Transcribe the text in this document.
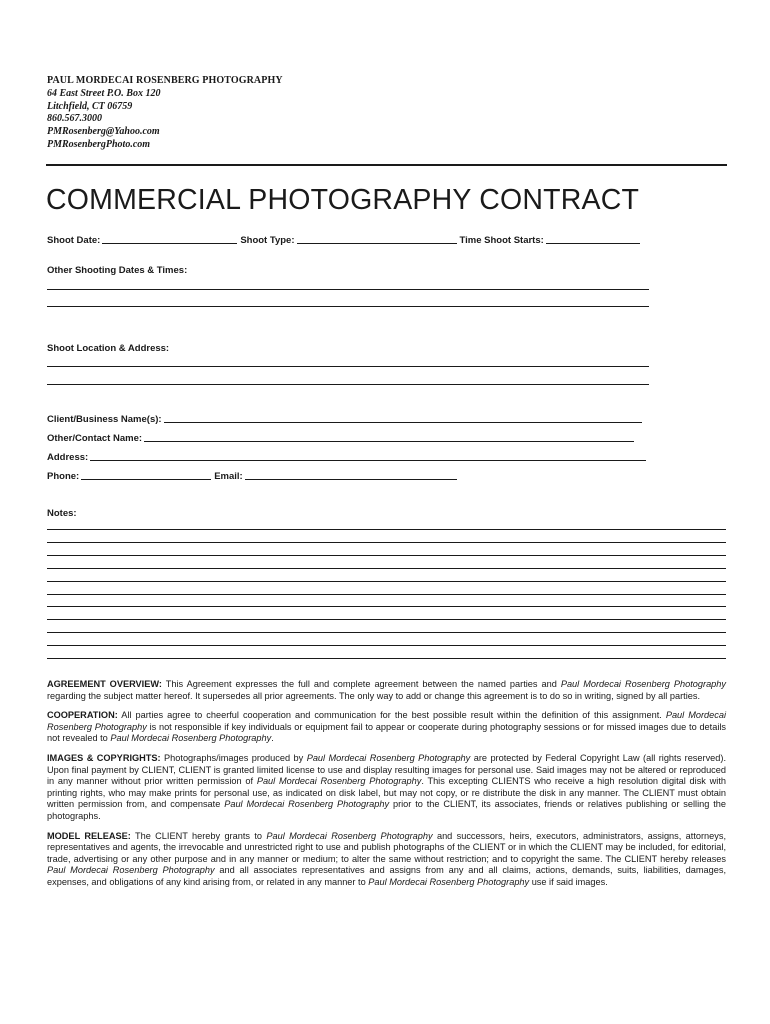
PAUL MORDECAI ROSENBERG PHOTOGRAPHY
64 East Street P.O. Box 120
Litchfield, CT 06759
860.567.3000
PMRosenberg@Yahoo.com
PMRosenbergPhoto.com
COMMERCIAL PHOTOGRAPHY CONTRACT
Shoot Date:	Shoot Type:	Time Shoot Starts:
Other Shooting Dates & Times:
Shoot Location & Address:
Client/Business Name(s):
Other/Contact Name:
Address:
Phone:	Email:
Notes:

AGREEMENT OVERVIEW: This Agreement expresses the full and complete agreement between the named parties and Paul Mordecai Rosenberg Photography regarding the subject matter hereof. It supersedes all prior agreements. The only way to add or change this agreement is to do so in writing, signed by all parties.

COOPERATION: All parties agree to cheerful cooperation and communication for the best possible result within the definition of this assignment. Paul Mordecai Rosenberg Photography is not responsible if key individuals or equipment fail to appear or cooperate during photography sessions or for missed images due to details not revealed to Paul Mordecai Rosenberg Photography.

IMAGES & COPYRIGHTS: Photographs/images produced by Paul Mordecai Rosenberg Photography are protected by Federal Copyright Law (all rights reserved). Upon final payment by CLIENT, CLIENT is granted limited license to use and display resulting images for personal use. Said images may not be altered or reproduced in any manner without prior written permission of Paul Mordecai Rosenberg Photography. This excepting CLIENTS who receive a high resolution digital disk with printing rights, who may make prints for personal use, as indicated on disk label, but may not copy, or re distribute the disk in any manner. The CLIENT must obtain written permission from, and compensate Paul Mordecai Rosenberg Photography prior to the CLIENT, its associates, friends or relatives publishing or selling the photographs.

MODEL RELEASE: The CLIENT hereby grants to Paul Mordecai Rosenberg Photography and successors, heirs, executors, administrators, assigns, attorneys, representatives and agents, the irrevocable and unrestricted right to use and publish photographs of the CLIENT or in which the CLIENT may be included, for editorial, trade, advertising or any other purpose and in any manner or medium; to alter the same without restriction; and to copyright the same. The CLIENT hereby releases Paul Mordecai Rosenberg Photography and all associates representatives and assigns from any and all claims, actions, demands, suits, liabilities, damages, expenses, and obligations of any kind arising from, or related in any manner to Paul Mordecai Rosenberg Photography use if said images.
